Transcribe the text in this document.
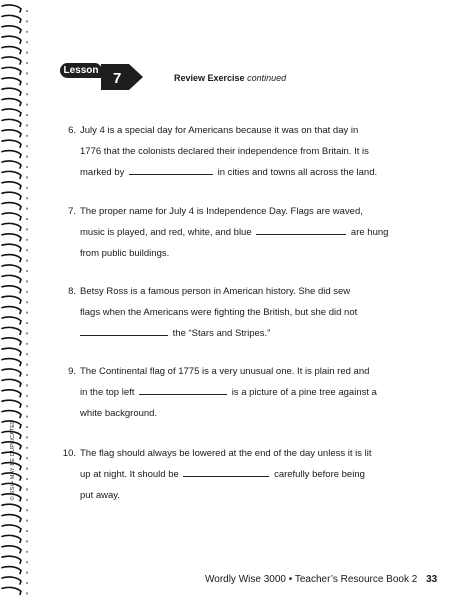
© SSI • MAY BE DUPLICATED
Lesson 7	Review Exercise continued
6. July 4 is a special day for Americans because it was on that day in
1776 that the colonists declared their independence from Britain. It is
marked by	in cities and towns all across the land.
7. The proper name for July 4 is Independence Day. Flags are waved,
music is played, and red, white, and blue	are hung
from public buildings.
8. Betsy Ross is a famous person in American history. She did sew
flags when the Americans were fighting the British, but she did not
the “Stars and Stripes.”
9. The Continental flag of 1775 is a very unusual one. It is plain red and
in the top left	is a picture of a pine tree against a
white background.
10. The flag should always be lowered at the end of the day unless it is lit
up at night. It should be	carefully before being
put away.
Wordly Wise 3000 • Teacher’s Resource Book 2 33
